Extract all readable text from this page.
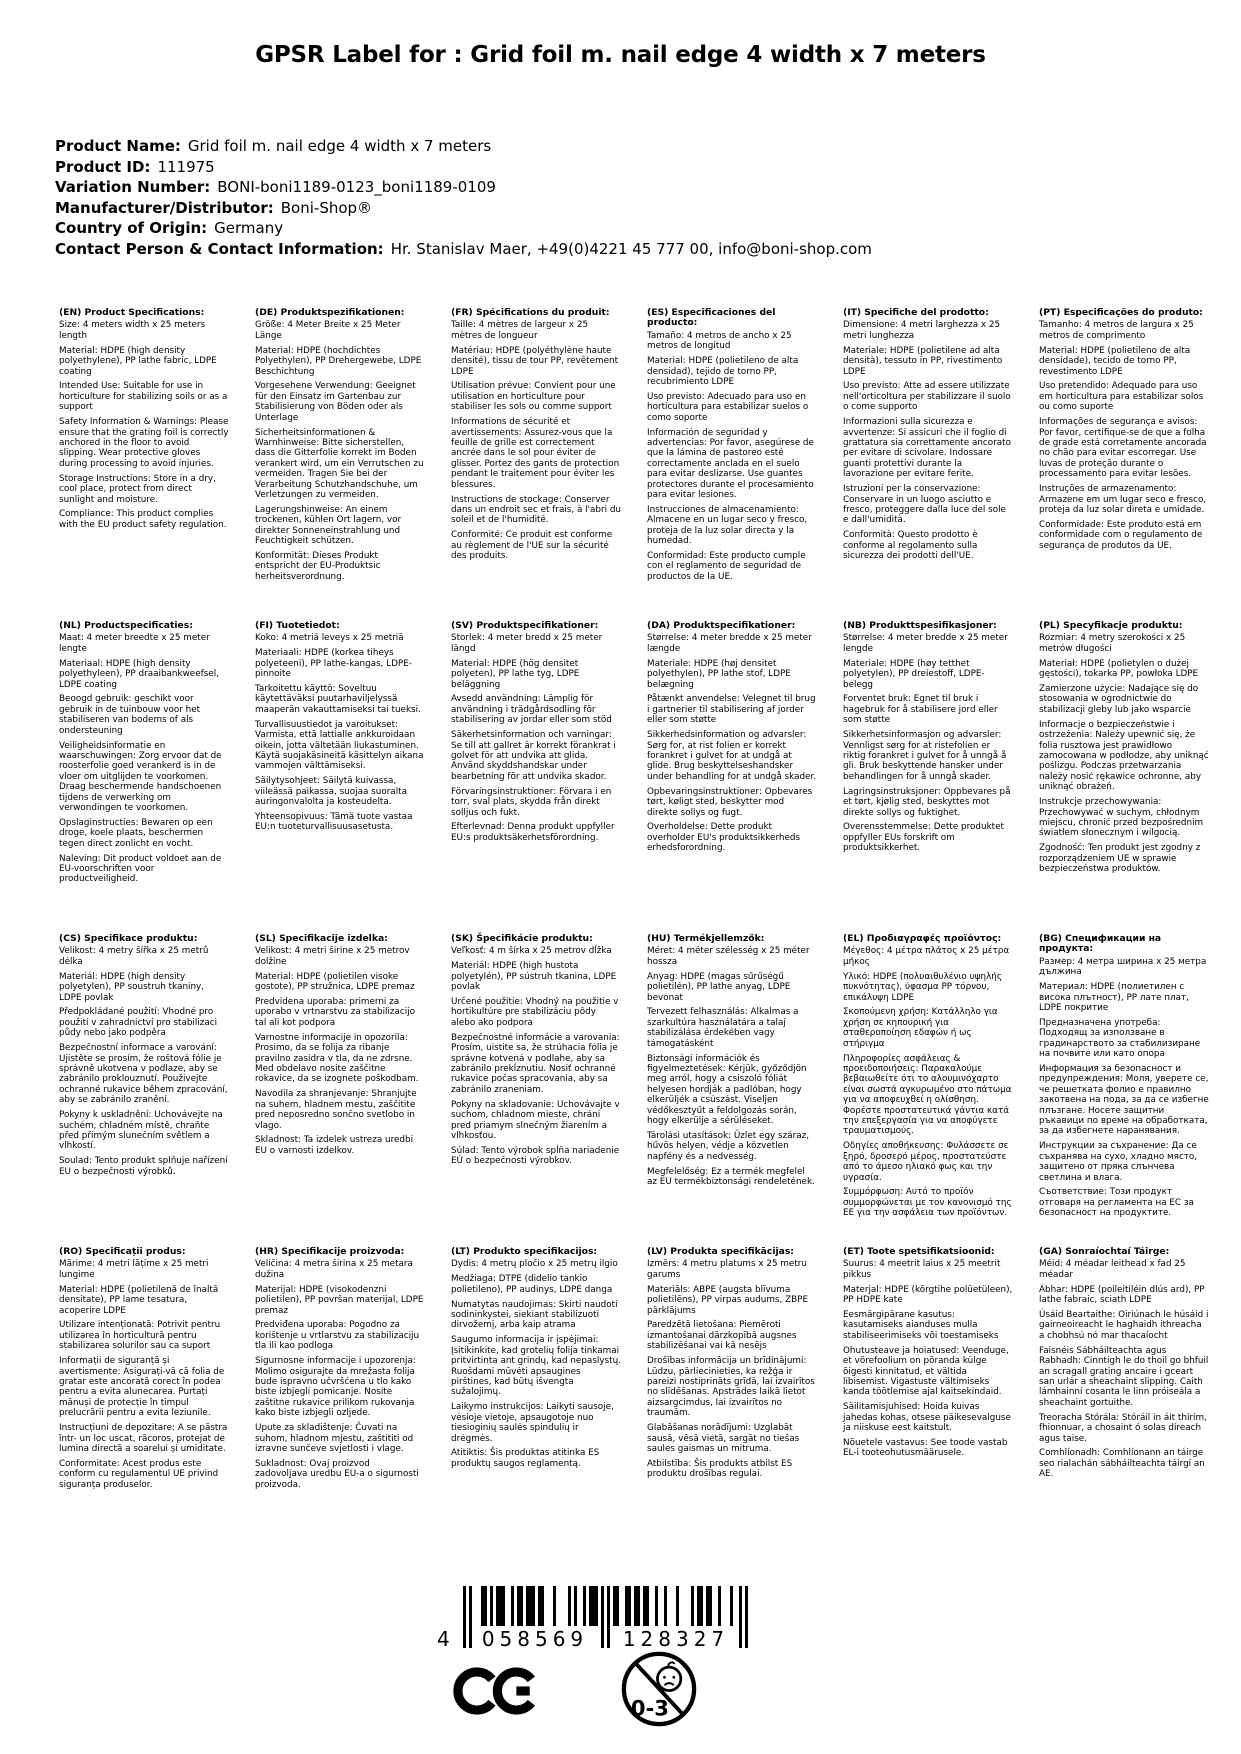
GPSR Label for : Grid foil m. nail edge 4 width x 7 meters
Product Name: Grid foil m. nail edge 4 width x 7 meters
Product ID: 111975
Variation Number: BONI-boni1189-0123_boni1189-0109
Manufacturer/Distributor: Boni-Shop®
Country of Origin: Germany
Contact Person & Contact Information: Hr. Stanislav Maer, +49(0)4221 45 777 00, info@boni-shop.com

(EN) Product Specifications:

Size: 4 meters width x 25 meters length

Material: HDPE (high density polyethylene), PP lathe fabric, LDPE coating

Intended Use: Suitable for use in horticulture for stabilizing soils or as a support

Safety Information & Warnings: Please ensure that the grating foil is correctly anchored in the floor to avoid slipping. Wear protective gloves during processing to avoid injuries.

Storage Instructions: Store in a dry, cool place, protect from direct sunlight and moisture.

Compliance: This product complies with the EU product safety regulation.

(DE) Produktspezifikationen:

Größe: 4 Meter Breite x 25 Meter Länge

Material: HDPE (hochdichtes Polyethylen), PP Drehergewebe, LDPE Beschichtung

Vorgesehene Verwendung: Geeignet für den Einsatz im Gartenbau zur Stabilisierung von Böden oder als Unterlage

Sicherheitsinformationen & Warnhinweise: Bitte sicherstellen, dass die Gitterfolie korrekt im Boden verankert wird, um ein Verrutschen zu vermeiden. Tragen Sie bei der Verarbeitung Schutzhandschuhe, um Verletzungen zu vermeiden.

Lagerungshinweise: An einem trockenen, kühlen Ort lagern, vor direkter Sonneneinstrahlung und Feuchtigkeit schützen.

Konformität: Dieses Produkt entspricht der EU-Produktsic herheitsverordnung.

(FR) Spécifications du produit:

Taille: 4 mètres de largeur x 25 mètres de longueur

Matériau: HDPE (polyéthylène haute densité), tissu de tour PP, revêtement LDPE

Utilisation prévue: Convient pour une utilisation en horticulture pour stabiliser les sols ou comme support

Informations de sécurité et avertissements: Assurez-vous que la feuille de grille est correctement ancrée dans le sol pour éviter de glisser. Portez des gants de protection pendant le traitement pour éviter les blessures.

Instructions de stockage: Conserver dans un endroit sec et frais, à l'abri du soleil et de l'humidité.

Conformité: Ce produit est conforme au règlement de l'UE sur la sécurité des produits.

(ES) Especificaciones del producto:

Tamaño: 4 metros de ancho x 25 metros de longitud

Material: HDPE (polietileno de alta densidad), tejido de torno PP, recubrimiento LDPE

Uso previsto: Adecuado para uso en horticultura para estabilizar suelos o como soporte

Información de seguridad y advertencias: Por favor, asegúrese de que la lámina de pastoreo esté correctamente anclada en el suelo para evitar deslizarse. Use guantes protectores durante el procesamiento para evitar lesiones.

Instrucciones de almacenamiento: Almacene en un lugar seco y fresco, proteja de la luz solar directa y la humedad.

Conformidad: Este producto cumple con el reglamento de seguridad de productos de la UE.

(IT) Specifiche del prodotto:

Dimensione: 4 metri larghezza x 25 metri lunghezza

Materiale: HDPE (polietilene ad alta densità), tessuto in PP, rivestimento LDPE

Uso previsto: Atte ad essere utilizzate nell'orticoltura per stabilizzare il suolo o come supporto

Informazioni sulla sicurezza e avvertenze: Si assicuri che il foglio di grattatura sia correttamente ancorato per evitare di scivolare. Indossare guanti protettivi durante la lavorazione per evitare ferite.

Istruzioni per la conservazione: Conservare in un luogo asciutto e fresco, proteggere dalla luce del sole e dall'umidità.

Conformità: Questo prodotto è conforme al regolamento sulla sicurezza dei prodotti dell'UE.

(PT) Especificações do produto:

Tamanho: 4 metros de largura x 25 metros de comprimento

Material: HDPE (polietileno de alta densidade), tecido de torno PP, revestimento LDPE

Uso pretendido: Adequado para uso em horticultura para estabilizar solos ou como suporte

Informações de segurança e avisos: Por favor, certifique-se de que a folha de grade está corretamente ancorada no chão para evitar escorregar. Use luvas de proteção durante o processamento para evitar lesões.

Instruções de armazenamento: Armazene em um lugar seco e fresco, proteja da luz solar direta e umidade.

Conformidade: Este produto está em conformidade com o regulamento de segurança de produtos da UE.

(NL) Productspecificaties:

Maat: 4 meter breedte x 25 meter lengte

Materiaal: HDPE (high density polyethyleen), PP draaibankweefsel, LDPE coating

Beoogd gebruik: geschikt voor gebruik in de tuinbouw voor het stabiliseren van bodems of als ondersteuning

Veiligheidsinformatie en waarschuwingen: Zorg ervoor dat de roosterfolie goed verankerd is in de vloer om uitglijden te voorkomen. Draag beschermende handschoenen tijdens de verwerking om verwondingen te voorkomen.

Opslaginstructies: Bewaren op een droge, koele plaats, beschermen tegen direct zonlicht en vocht.

Naleving: Dit product voldoet aan de EU-voorschriften voor productveiligheid.

(FI) Tuotetiedot:

Koko: 4 metriä leveys x 25 metriä

Materiaali: HDPE (korkea tiheys polyeteeni), PP lathe-kangas, LDPE-pinnoite

Tarkoitettu käyttö: Soveltuu käytettäväksi puutarhaviljelyssä maaperän vakauttamiseksi tai tueksi.

Turvallisuustiedot ja varoitukset: Varmista, että lattialle ankkuroidaan oikein, jotta vältetään liukastuminen. Käytä suojakäsineitä käsittelyn aikana vammojen välttämiseksi.

Säilytysohjeet: Säilytä kuivassa, viileässä paikassa, suojaa suoralta auringonvalolta ja kosteudelta.

Yhteensopivuus: Tämä tuote vastaa EU:n tuoteturvallisuusasetusta.

(SV) Produktspecifikationer:

Storlek: 4 meter bredd x 25 meter längd

Material: HDPE (hög densitet polyeten), PP lathe tyg, LDPE beläggning

Avsedd användning: Lämplig för användning i trädgårdsodling för stabilisering av jordar eller som stöd

Säkerhetsinformation och varningar: Se till att gallret är korrekt förankrat i golvet för att undvika att glida. Använd skyddshandskar under bearbetning för att undvika skador.

Förvaringsinstruktioner: Förvara i en torr, sval plats, skydda från direkt solljus och fukt.

Efterlevnad: Denna produkt uppfyller EU:s produktsäkerhetsförordning.

(DA) Produktspecifikationer:

Størrelse: 4 meter bredde x 25 meter længde

Materiale: HDPE (høj densitet polyethylen), PP lathe stof, LDPE belægning

Påtænkt anvendelse: Velegnet til brug i gartnerier til stabilisering af jorder eller som støtte

Sikkerhedsinformation og advarsler: Sørg for, at rist folien er korrekt forankret i gulvet for at undgå at glide. Brug beskyttelseshandsker under behandling for at undgå skader.

Opbevaringsinstruktioner: Opbevares tørt, køligt sted, beskytter mod direkte sollys og fugt.

Overholdelse: Dette produkt overholder EU's produktsikkerheds erhedsforordning.

(NB) Produkttspesifikasjoner:

Størrelse: 4 meter bredde x 25 meter lengde

Materiale: HDPE (høy tetthet polyetylen), PP dreiestoff, LDPE-belegg

Forventet bruk: Egnet til bruk i hagebruk for å stabilisere jord eller som støtte

Sikkerhetsinformasjon og advarsler: Vennligst sørg for at ristefolien er riktig forankret i gulvet for å unngå å gli. Bruk beskyttende hansker under behandlingen for å unngå skader.

Lagringsinstruksjoner: Oppbevares på et tørt, kjølig sted, beskyttes mot direkte sollys og fuktighet.

Overensstemmelse: Dette produktet oppfyller EUs forskrift om produktsikkerhet.

(PL) Specyfikacje produktu:

Rozmiar: 4 metry szerokości x 25 metrów długości

Materiał: HDPE (polietylen o dużej gęstości), tokarka PP, powłoka LDPE

Zamierzone użycie: Nadające się do stosowania w ogrodnictwie do stabilizacji gleby lub jako wsparcie

Informacje o bezpieczeństwie i ostrzeżenia: Należy upewnić się, że folia rusztowa jest prawidłowo zamocowana w podłodze, aby uniknąć poślizgu. Podczas przetwarzania należy nosić rękawice ochronne, aby uniknąć obrażeń.

Instrukcje przechowywania: Przechowywać w suchym, chłodnym miejscu, chronić przed bezpośrednim światłem słonecznym i wilgocią.

Zgodność: Ten produkt jest zgodny z rozporządzeniem UE w sprawie bezpieczeństwa produktów.

(CS) Specifikace produktu:

Velikost: 4 metry šířka x 25 metrů délka

Materiál: HDPE (high density polyetylen), PP soustruh tkaniny, LDPE povlak

Předpokládané použití: Vhodné pro použití v zahradnictví pro stabilizaci půdy nebo jako podpěra

Bezpečnostní informace a varování: Ujistěte se prosím, že roštová fólie je správně ukotvena v podlaze, aby se zabránilo proklouznutí. Použivejte ochranné rukavice během zpracování, aby se zabránilo zranění.

Pokyny k uskladnění: Uchovávejte na suchém, chladném místě, chraňte před přímým slunečním světlem a vlhkostí.

Soulad: Tento produkt splňuje nařízení EU o bezpečnosti výrobků.

(SL) Specifikacije izdelka:

Velikost: 4 metri širine x 25 metrov dolžine

Material: HDPE (polietilen visoke gostote), PP stružnica, LDPE premaz

Predvidena uporaba: primerni za uporabo v vrtnarstvu za stabilizacijo tal ali kot podpora

Varnostne informacije in opozorila: Prosimo, da se folija za ribanje pravilno zasidra v tla, da ne zdrsne. Med obdelavo nosite zaščitne rokavice, da se izognete poškodbam.

Navodila za shranjevanje: Shranjujte na suhem, hladnem mestu, zaščitite pred neposredno sončno svetlobo in vlago.

Skladnost: Ta izdelek ustreza uredbi EU o varnosti izdelkov.

(SK) Špecifikácie produktu:

Veľkosť: 4 m šírka x 25 metrov dĺžka

Materiál: HDPE (high hustota polyetylén), PP sústruh tkanina, LDPE povlak

Určené použitie: Vhodný na použitie v hortikultúre pre stabilizáciu pôdy alebo ako podpora

Bezpečnostné informácie a varovania: Prosím, uistite sa, že strúhacia fólia je správne kotvená v podlahe, aby sa zabránilo prekĺznutiu. Nosiť ochranné rukavice počas spracovania, aby sa zabránilo zraneniam.

Pokyny na skladovanie: Uchovávajte v suchom, chladnom mieste, chráni pred priamym slnečným žiarením a vlhkosťou.

Súlad: Tento výrobok spĺňa nariadenie EÚ o bezpečnosti výrobkov.

(HU) Termékjellemzők:

Méret: 4 méter szélesség x 25 méter hossza

Anyag: HDPE (magas sűrűségű polietilén), PP lathe anyag, LDPE bevonat

Tervezett felhasználás: Alkalmas a szarkultúra használatára a talaj stabilizálása érdekében vagy támogatásként

Biztonsági információk és figyelmeztetések: Kérjük, győződjön meg arról, hogy a csiszoló fóliát helyesen hordják a padlóban, hogy elkerüljék a csúszást. Viseljen védőkesztyűt a feldolgozás során, hogy elkerülje a sérüléseket.

Tárolási utasítások: Üzlet egy száraz, hűvös helyen, védje a közvetlen napfény és a nedvesség.

Megfelelőség: Ez a termék megfelel az EU termékbiztonsági rendeletének.

(EL) Προδιαγραφές προϊόντος:

Μέγεθος: 4 μέτρα πλάτος x 25 μέτρα μήκος

Υλικό: HDPE (πολυαιθυλένιο υψηλής πυκνότητας), ύφασμα PP τόρνου, επικάλυψη LDPE

Σκοπούμενη χρήση: Κατάλληλο για χρήση σε κηπουρική για σταθεροποίηση εδαφών ή ως στήριγμα

Πληροφορίες ασφάλειας & προειδοποιήσεις: Παρακαλούμε βεβαιωθείτε ότι το αλουμινόχαρτο είναι σωστά αγκυρωμένο στο πάτωμα για να αποφευχθεί η ολίσθηση. Φορέστε προστατευτικά γάντια κατά την επεξεργασία για να αποφύγετε τραυματισμούς.

Οδηγίες αποθήκευσης: Φυλάσσετε σε ξηρό, δροσερό μέρος, προστατεύστε από το άμεσο ηλιακό φως και την υγρασία.

Συμμόρφωση: Αυτό το προϊόν συμμορφώνεται με τον κανονισμό της ΕΕ για την ασφάλεια των προϊόντων.

(BG) Спецификации на продукта:

Размер: 4 метра ширина x 25 метра дължина

Материал: HDPE (полиетилен с висока плътност), PP лате плат, LDPE покритие

Предназначена употреба: Подходящ за използване в градинарството за стабилизиране на почвите или като опора

Информация за безопасност и предупреждения: Моля, уверете се, че решетката фолио е правилно закотвена на пода, за да се избегне плъзгане. Носете защитни ръкавици по време на обработката, за да избегнете наранявания.

Инструкции за съхранение: Да се съхранява на сухо, хладно място, защитено от пряка слънчева светлина и влага.

Съответствие: Този продукт отговаря на регламента на ЕС за безопасност на продуктите.

(RO) Specificații produs:

Mărime: 4 metri lățime x 25 metri lungime

Material: HDPE (polietilenă de înaltă densitate), PP lame tesatura, acoperire LDPE

Utilizare intenționată: Potrivit pentru utilizarea în horticultură pentru stabilizarea solurilor sau ca suport

Informații de siguranță și avertismente: Asigurați-vă că folia de gratar este ancorată corect în podea pentru a evita alunecarea. Purtați mănuși de protecție în timpul prelucrării pentru a evita leziunile.

Instrucțiuni de depozitare: A se păstra într- un loc uscat, răcoros, protejat de lumina directă a soarelui și umiditate.

Conformitate: Acest produs este conform cu regulamentul UE privind siguranța produselor.

(HR) Specifikacije proizvoda:

Veličina: 4 metra širina x 25 metara dužina

Materijal: HDPE (visokodenzni polietilen), PP površan materijal, LDPE premaz

Predviđena uporaba: Pogodno za korištenje u vrtlarstvu za stabilizaciju tla ili kao podloga

Sigurnosne informacije i upozorenja: Molimo osigurajte da mrežasta folija bude ispravno učvršćena u tlo kako biste izbjegli pomicanje. Nosite zaštitne rukavice prilikom rukovanja kako biste izbjegli ozljede.

Upute za skladištenje: Čuvati na suhom, hladnom mjestu, zaštititi od izravne sunčeve svjetlosti i vlage.

Sukladnost: Ovaj proizvod zadovoljava uredbu EU-a o sigurnosti proizvoda.

(LT) Produkto specifikacijos:

Dydis: 4 metrų pločio x 25 metrų ilgio

Medžiaga: DTPE (didelio tankio polietileno), PP audinys, LDPE danga

Numatytas naudojimas: Skirti naudoti sodininkystei, siekiant stabilizuoti dirvožemį, arba kaip atrama

Saugumo informacija ir įspėjimai: Įsitikinkite, kad grotelių folija tinkamai pritvirtinta ant grindų, kad nepaslystų. Ruošdami mūvėti apsaugines pirštines, kad būtų išvengta sužalojimų.

Laikymo instrukcijos: Laikyti sausoje, vėsioje vietoje, apsaugotoje nuo tiesioginių saulės spindulių ir drėgmės.

Atitiktis: Šis produktas atitinka ES produktų saugos reglamentą.

(LV) Produkta specifikācijas:

Izmērs: 4 metru platums x 25 metru garums

Materiāls: ABPE (augsta blīvuma polietilēns), PP virpas audums, ZBPE pārklājums

Paredzētā lietošana: Piemēroti izmantošanai dārzkopībā augsnes stabilizēšanai vai kā nesējs

Drošības informācija un brīdinājumi: Lūdzu, pārliecinieties, ka režģa ir pareizi nostiprināts grīdā, lai izvairītos no slīdēšanas. Apstrādes laikā lietot aizsargcimdus, lai izvairītos no traumām.

Glabāšanas norādījumi: Uzglabāt sausā, vēsā vietā, sargāt no tiešas saules gaismas un mitruma.

Atbilstība: Šis produkts atbilst ES produktu drošības regulai.

(ET) Toote spetsifikatsioonid:

Suurus: 4 meetrit laius x 25 meetrit pikkus

Materjal: HDPE (kõrgtihe polüetüleen), PP HDPE kate

Eesmärgipärane kasutus: kasutamiseks aianduses mulla stabiliseerimiseks või toestamiseks

Ohutusteave ja hoiatused: Veenduge, et võrefoolium on põranda külge õigesti kinnitatud, et vältida libisemist. Vigastuste vältimiseks kanda töötlemise ajal kaitsekindaid.

Säilitamisjuhised: Hoida kuivas jahedas kohas, otsese päikesevalguse ja niiskuse eest kaitstult.

Nõuetele vastavus: See toode vastab EL-i tooteohutusmäärusele.

(GA) Sonraíochtaí Táirge:

Méid: 4 méadar leithead x fad 25 méadar

Ábhar: HDPE (poileitiléin dlús ard), PP lathe fabraic, sciath LDPE

Úsáid Beartaithe: Oiriúnach le húsáid i gairneoireacht le haghaidh ithreacha a chobhsú nó mar thacaíocht

Faisnéis Sábháilteachta agus Rabhadh: Cinntigh le do thoil go bhfuil an scragall grating ancaire i gceart san urlár a sheachaint slipping. Caith lámhainní cosanta le linn próiseála a sheachaint gortuithe.

Treoracha Stórála: Stóráil in áit thirim, fhionnuar, a chosaint ó solas díreach agus taise.

Comhlíonadh: Comhlíonann an táirge seo rialachán sábháilteachta táirgí an AE.

4	058569	128327
0-3
